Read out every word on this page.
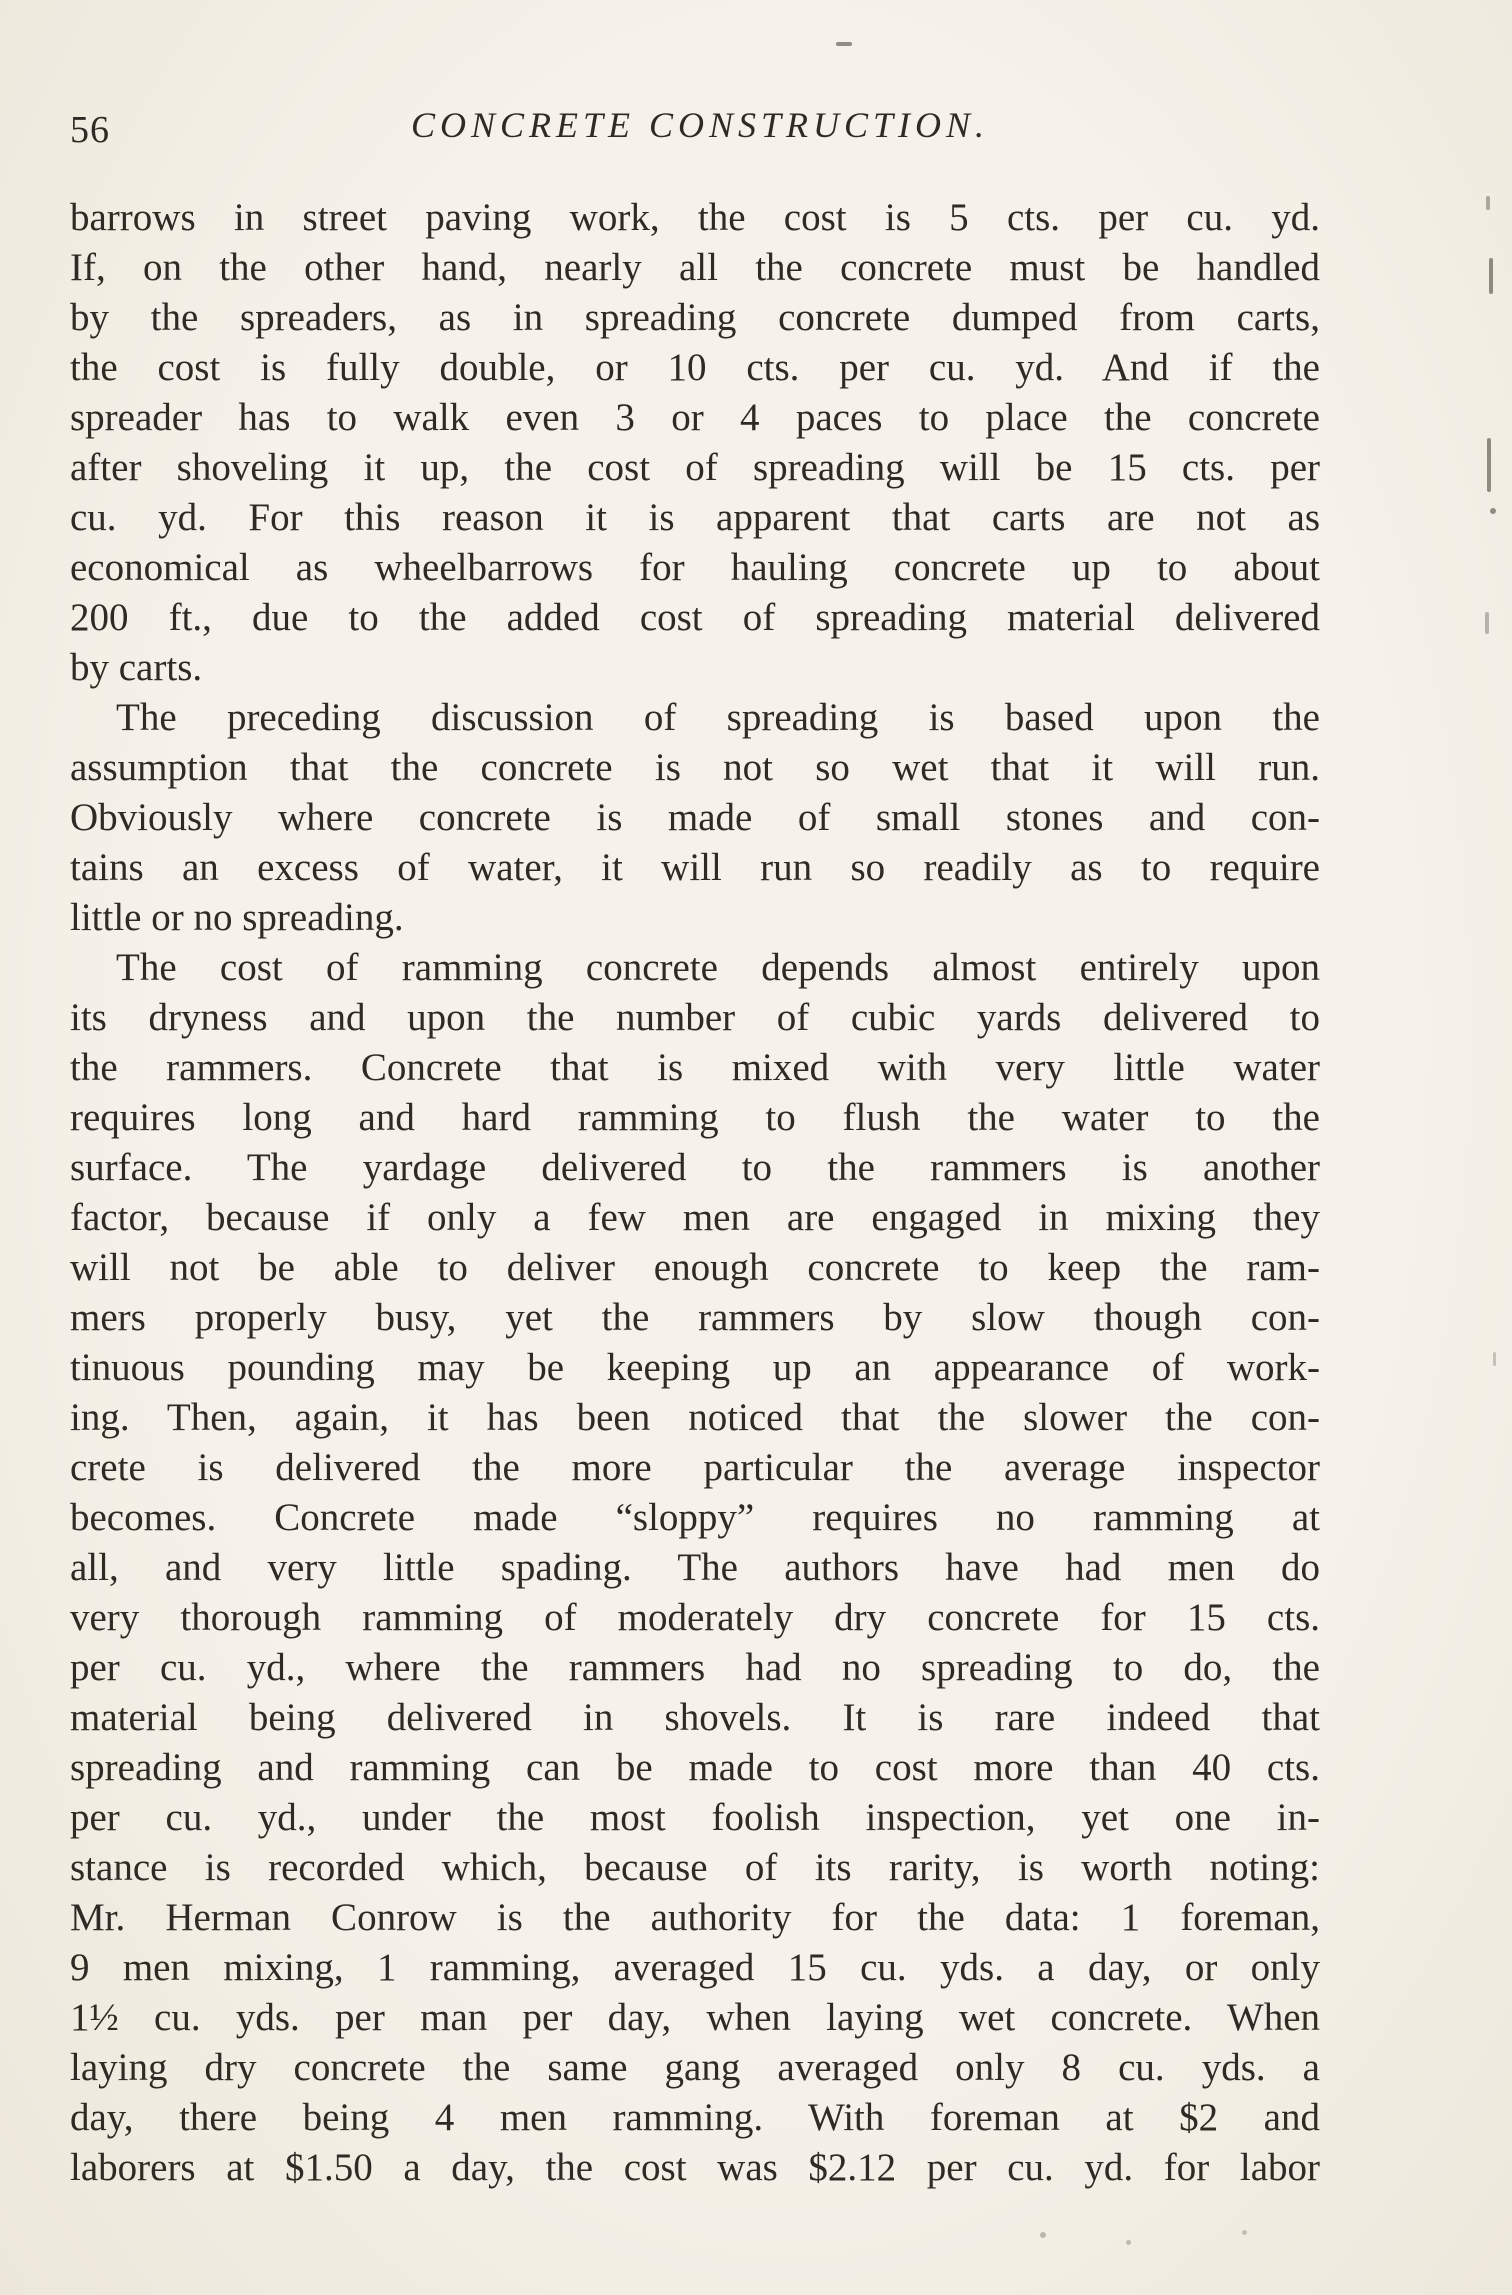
56	CONCRETE CONSTRUCTION.
barrows in street paving work, the cost is 5 cts. per cu. yd.
If, on the other hand, nearly all the concrete must be handled
by the spreaders, as in spreading concrete dumped from carts,
the cost is fully double, or 10 cts. per cu. yd. And if the
spreader has to walk even 3 or 4 paces to place the concrete
after shoveling it up, the cost of spreading will be 15 cts. per
cu. yd. For this reason it is apparent that carts are not as
economical as wheelbarrows for hauling concrete up to about
200 ft., due to the added cost of spreading material delivered
by carts.
The preceding discussion of spreading is based upon the
assumption that the concrete is not so wet that it will run.
Obviously where concrete is made of small stones and con-
tains an excess of water, it will run so readily as to require
little or no spreading.
The cost of ramming concrete depends almost entirely upon
its dryness and upon the number of cubic yards delivered to
the rammers. Concrete that is mixed with very little water
requires long and hard ramming to flush the water to the
surface. The yardage delivered to the rammers is another
factor, because if only a few men are engaged in mixing they
will not be able to deliver enough concrete to keep the ram-
mers properly busy, yet the rammers by slow though con-
tinuous pounding may be keeping up an appearance of work-
ing. Then, again, it has been noticed that the slower the con-
crete is delivered the more particular the average inspector
becomes. Concrete made “sloppy” requires no ramming at
all, and very little spading. The authors have had men do
very thorough ramming of moderately dry concrete for 15 cts.
per cu. yd., where the rammers had no spreading to do, the
material being delivered in shovels. It is rare indeed that
spreading and ramming can be made to cost more than 40 cts.
per cu. yd., under the most foolish inspection, yet one in-
stance is recorded which, because of its rarity, is worth noting:
Mr. Herman Conrow is the authority for the data: 1 foreman,
9 men mixing, 1 ramming, averaged 15 cu. yds. a day, or only
1½ cu. yds. per man per day, when laying wet concrete. When
laying dry concrete the same gang averaged only 8 cu. yds. a
day, there being 4 men ramming. With foreman at $2 and
laborers at $1.50 a day, the cost was $2.12 per cu. yd. for labor
